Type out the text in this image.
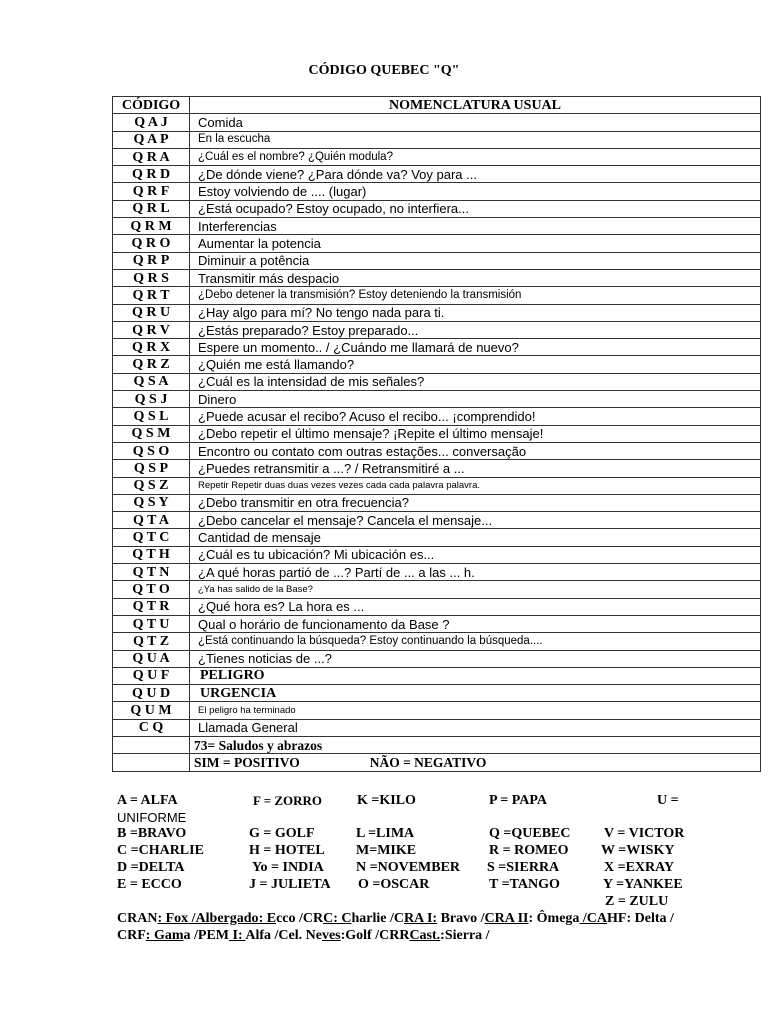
CÓDIGO QUEBEC "Q"
CÓDIGO	NOMENCLATURA USUAL
Q A J	Comida
Q A P	En la escucha
Q R A	¿Cuál es el nombre? ¿Quién modula?
Q R D	¿De dónde viene? ¿Para dónde va? Voy para ...
Q R F	Estoy volviendo de .... (lugar)
Q R L	¿Está ocupado? Estoy ocupado, no interfiera...
Q R M	Interferencias
Q R O	Aumentar la potencia
Q R P	Diminuir a potência
Q R S	Transmitir más despacio
Q R T	¿Debo detener la transmisión? Estoy deteniendo la transmisión
Q R U	¿Hay algo para mí? No tengo nada para ti.
Q R V	¿Estás preparado? Estoy preparado...
Q R X	Espere un momento.. / ¿Cuándo me llamará de nuevo?
Q R Z	¿Quién me está llamando?
Q S A	¿Cuál es la intensidad de mis señales?
Q S J	Dinero
Q S L	¿Puede acusar el recibo? Acuso el recibo... ¡comprendido!
Q S M	¿Debo repetir el último mensaje? ¡Repite el último mensaje!
Q S O	Encontro ou contato com outras estações... conversação
Q S P	¿Puedes retransmitir a ...? / Retransmitiré a ...
Q S Z	Repetir Repetir duas duas vezes vezes cada cada palavra palavra.
Q S Y	¿Debo transmitir en otra frecuencia?
Q T A	¿Debo cancelar el mensaje? Cancela el mensaje...
Q T C	Cantidad de mensaje
Q T H	¿Cuál es tu ubicación? Mi ubicación es...
Q T N	¿A qué horas partió de ...? Partí de ... a las ... h.
Q T O	¿Ya has salido de la Base?
Q T R	¿Qué hora es? La hora es ...
Q T U	Qual o horário de funcionamento da Base ?
Q T Z	¿Está continuando la búsqueda? Estoy continuando la búsqueda....
Q U A	¿Tienes noticias de ...?
Q U F	PELIGRO
Q U D	URGENCIA
Q U M	El peligro ha terminado
C Q	Llamada General
	73= Saludos y abrazos
	SIM = POSITIVO NÃO = NEGATIVO
A = ALFA	F = ZORRO K =KILO	P = PAPA	U =
UNIFORME
B =BRAVO	G = GOLF	L =LIMA	Q =QUEBEC V = VICTOR
C =CHARLIE	H = HOTEL M=MIKE	R = ROMEO W =WISKY
D =DELTA	Yo = INDIA N =NOVEMBER S =SIERRA	X =EXRAY
E = ECCO	J = JULIETA O =OSCAR	T =TANGO	Y =YANKEE
Z = ZULU
CRAN: Fox /Albergado: Ecco /CRC: Charlie /CRA I: Bravo /CRA II: Ômega /CAHF: Delta /
CRF: Gama /PEM I: Alfa /Cel. Neves:Golf /CRRCast.:Sierra /
